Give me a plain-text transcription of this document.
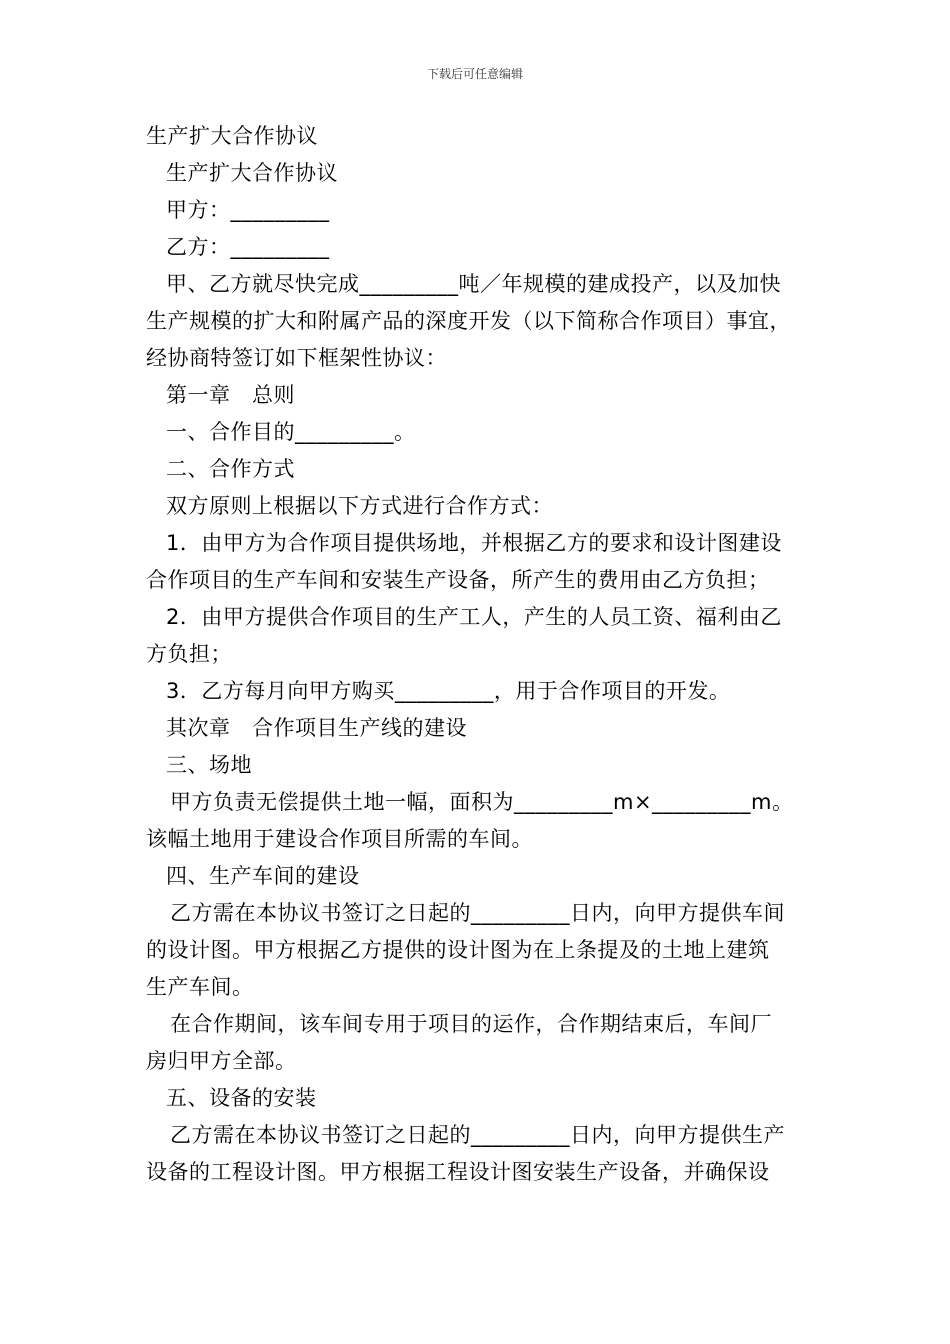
下载后可任意编辑
生产扩大合作协议
生产扩大合作协议
甲方：_________
乙方：_________
甲、乙方就尽快完成_________吨／年规模的建成投产，以及加快
生产规模的扩大和附属产品的深度开发（以下简称合作项目）事宜，
经协商特签订如下框架性协议：
第一章　总则
一、合作目的_________。
二、合作方式
双方原则上根据以下方式进行合作方式：
1．由甲方为合作项目提供场地，并根据乙方的要求和设计图建设
合作项目的生产车间和安装生产设备，所产生的费用由乙方负担；
2．由甲方提供合作项目的生产工人，产生的人员工资、福利由乙
方负担；
3．乙方每月向甲方购买_________，用于合作项目的开发。
其次章　合作项目生产线的建设
三、场地
甲方负责无偿提供土地一幅，面积为_________m×_________m。
该幅土地用于建设合作项目所需的车间。
四、生产车间的建设
乙方需在本协议书签订之日起的_________日内，向甲方提供车间
的设计图。甲方根据乙方提供的设计图为在上条提及的土地上建筑
生产车间。
在合作期间，该车间专用于项目的运作，合作期结束后，车间厂
房归甲方全部。
五、设备的安装
乙方需在本协议书签订之日起的_________日内，向甲方提供生产
设备的工程设计图。甲方根据工程设计图安装生产设备，并确保设
